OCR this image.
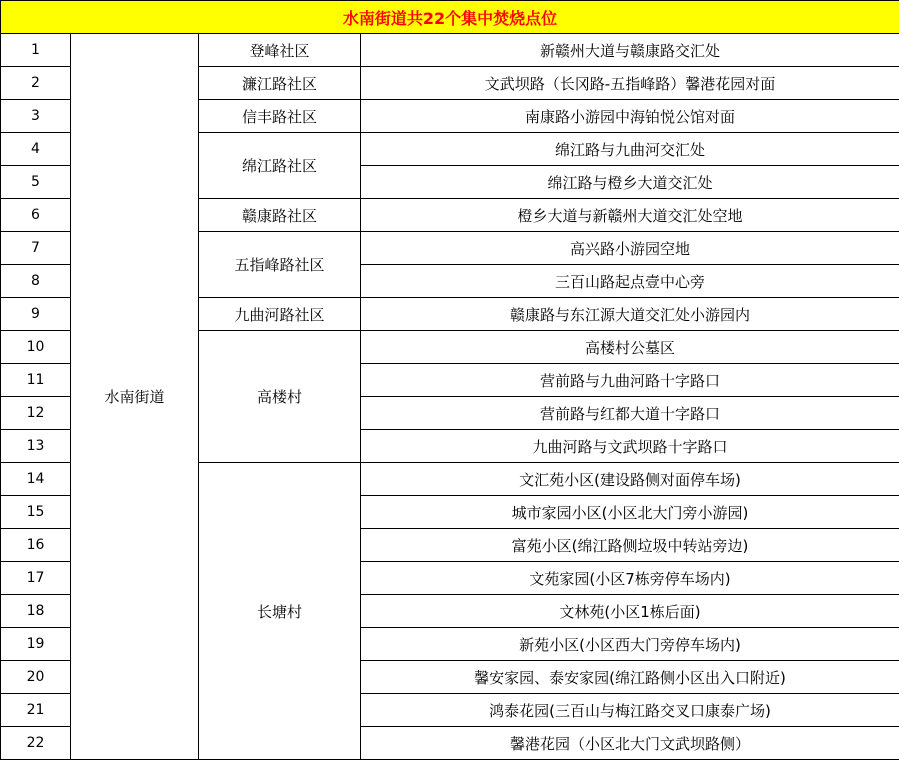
水南街道共22个集中焚烧点位			
1	水南街道	登峰社区	新赣州大道与赣康路交汇处
2		濂江路社区	文武坝路（长冈路-五指峰路）馨港花园对面
3		信丰路社区	南康路小游园中海铂悦公馆对面
4		绵江路社区	绵江路与九曲河交汇处
5			绵江路与橙乡大道交汇处
6		赣康路社区	橙乡大道与新赣州大道交汇处空地
7		五指峰路社区	高兴路小游园空地
8			三百山路起点壹中心旁
9		九曲河路社区	赣康路与东江源大道交汇处小游园内
10		高楼村	高楼村公墓区
11			营前路与九曲河路十字路口
12			营前路与红都大道十字路口
13			九曲河路与文武坝路十字路口
14		长塘村	文汇苑小区(建设路侧对面停车场)
15			城市家园小区(小区北大门旁小游园)
16			富苑小区(绵江路侧垃圾中转站旁边)
17			文苑家园(小区7栋旁停车场内)
18			文林苑(小区1栋后面)
19			新苑小区(小区西大门旁停车场内)
20			馨安家园、泰安家园(绵江路侧小区出入口附近)
21			鸿泰花园(三百山与梅江路交叉口康泰广场)
22			馨港花园（小区北大门文武坝路侧）
